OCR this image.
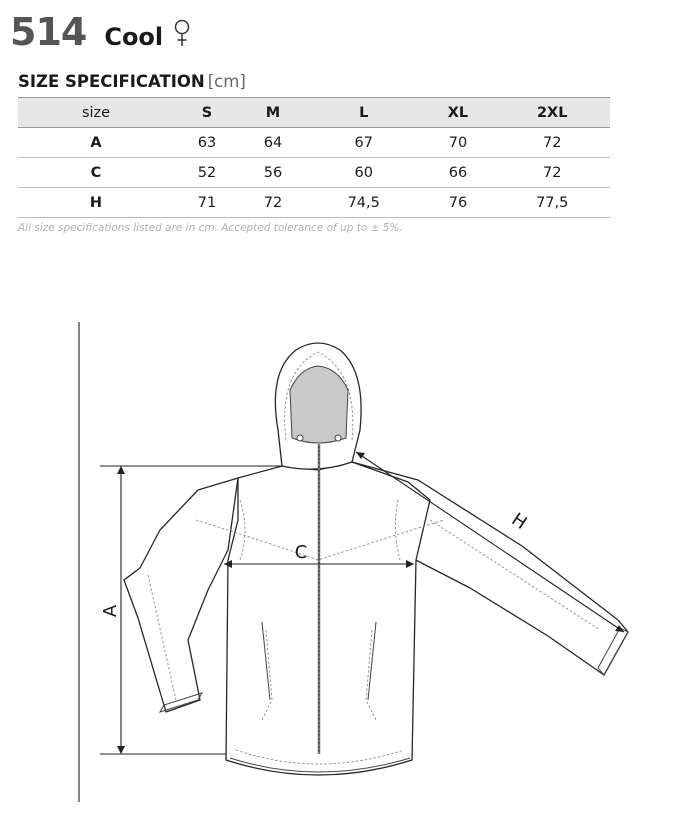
514 Cool
SIZE SPECIFICATION [cm]
size	S	M	L	XL	2XL
A	63	64	67	70	72
C	52	56	60	66	72
H	71	72	74,5	76	77,5
All size specifications listed are in cm. Accepted tolerance of up to ± 5%.
A
C
H
